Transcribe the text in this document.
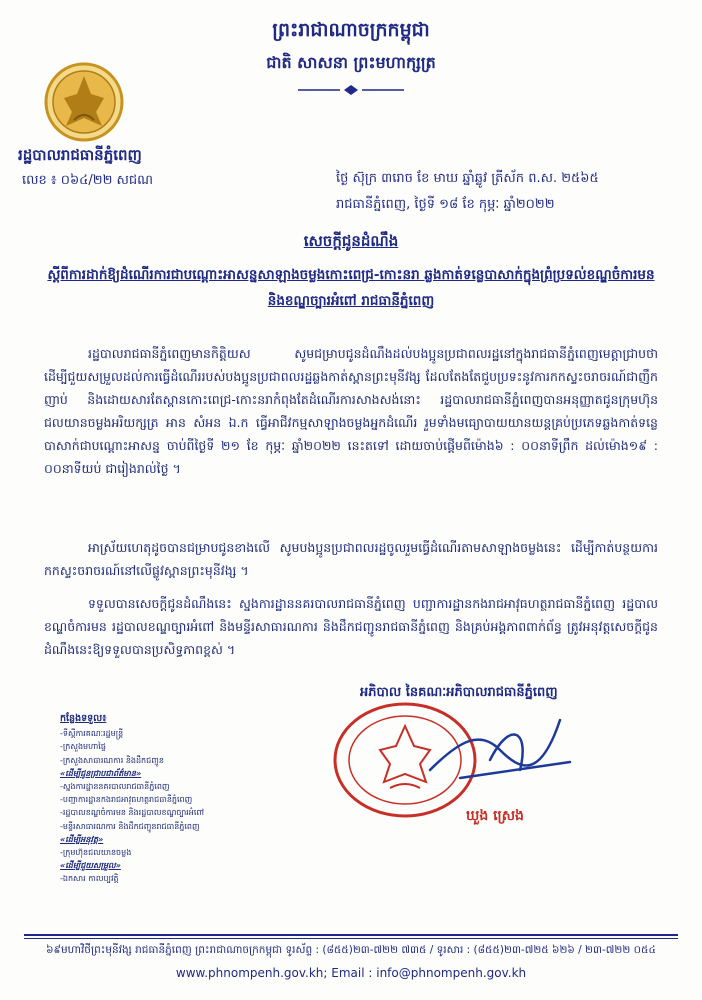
ព្រះរាជាណាចក្រកម្ពុជា
ជាតិ សាសនា ព្រះមហាក្សត្រ
រដ្ឋបាលរាជធានីភ្នំពេញ
លេខ ៖ ០៦៤/២២ សជណ	ថ្ងៃ ស៊ុក្រ ៣រោច ខែ មាឃ ឆ្នាំឆ្លូវ ត្រីស័ក ព.ស. ២៥៦៥
រាជធានីភ្នំពេញ, ថ្ងៃទី ១៨ ខែ កុម្ភៈ ឆ្នាំ២០២២
សេចក្តីជូនដំណឹង
ស្តីពីការដាក់ឱ្យដំណើរការជាបណ្តោះអាសន្នសាឡាងចម្លងកោះពេជ្រ-កោះនរា ឆ្លងកាត់ទន្លេបាសាក់ក្នុងព្រំប្រទល់ខណ្ឌចំការមន និងខណ្ឌច្បារអំពៅ រាជធានីភ្នំពេញ
រដ្ឋបាលរាជធានីភ្នំពេញមានកិត្តិយស សូមជម្រាបជូនដំណឹងដល់បងប្អូនប្រជាពលរដ្ឋនៅក្នុងរាជធានីភ្នំពេញមេត្តាជ្រាបថា ដើម្បីជួយសម្រួលដល់ការធ្វើដំណើររបស់បងប្អូនប្រជាពលរដ្ឋឆ្លងកាត់ស្ពានព្រះមុនីវង្ស ដែលតែងតែជួបប្រទះនូវការកកស្ទះចរាចរណ៍ជាញឹកញាប់ និងដោយសារតែស្ពានកោះពេជ្រ-កោះនរាកំពុងតែដំណើរការសាងសង់នោះ រដ្ឋបាលរាជធានីភ្នំពេញបានអនុញ្ញាតជូនក្រុមហ៊ុនជលយានចម្លងអរិយក្សត្រ អាន សំអន ឯ.ក ធ្វើអាជីវកម្មសាឡាងចម្លងអ្នកដំណើរ រួមទាំងមធ្យោបាយយានយន្តគ្រប់ប្រភេទឆ្លងកាត់ទន្លេបាសាក់ជាបណ្តោះអាសន្ន ចាប់ពីថ្ងៃទី ២១ ខែ កុម្ភៈ ឆ្នាំ២០២២ នេះតទៅ ដោយចាប់ផ្តើមពីម៉ោង៦ : ០០នាទីព្រឹក ដល់ម៉ោង១៩ : ០០នាទីយប់ ជារៀងរាល់ថ្ងៃ ។
អាស្រ័យហេតុដូចបានជម្រាបជូនខាងលើ សូមបងប្អូនប្រជាពលរដ្ឋចូលរួមធ្វើដំណើរតាមសាឡាងចម្លងនេះ ដើម្បីកាត់បន្ថយការកកស្ទះចរាចរណ៍នៅលើផ្លូវស្ពានព្រះមុនីវង្ស ។
ទទួលបានសេចក្តីជូនដំណឹងនេះ ស្នងការដ្ឋាននគរបាលរាជធានីភ្នំពេញ បញ្ជាការដ្ឋានកងរាជអាវុធហត្ថរាជធានីភ្នំពេញ រដ្ឋបាលខណ្ឌចំការមន រដ្ឋបាលខណ្ឌច្បារអំពៅ និងមន្ទីរសាធារណការ និងដឹកជញ្ជូនរាជធានីភ្នំពេញ និងគ្រប់អង្គភាពពាក់ព័ន្ធ ត្រូវអនុវត្តសេចក្តីជូនដំណឹងនេះឱ្យទទួលបានប្រសិទ្ធភាពខ្ពស់ ។
អភិបាល នៃគណៈអភិបាលរាជធានីភ្នំពេញ
ឃួង ស្រេង
កន្លែងទទួល៖
-ទីស្តីការគណៈរដ្ឋមន្ត្រី
-ក្រសួងមហាផ្ទៃ
-ក្រសួងសាធារណការ និងដឹកជញ្ជូន
«ដើម្បីជូនជ្រាបជាព័ត៌មាន»
-ស្នងការដ្ឋាននគរបាលរាជធានីភ្នំពេញ
-បញ្ជាការដ្ឋានកងរាជអាវុធហត្ថរាជធានីភ្នំពេញ
-រដ្ឋបាលខណ្ឌចំការមន និងរដ្ឋបាលខណ្ឌច្បារអំពៅ
-មន្ទីរសាធារណការ និងដឹកជញ្ជូនរាជធានីភ្នំពេញ
«ដើម្បីអនុវត្ត»
-ក្រុមហ៊ុនជលយានចម្លង
«ដើម្បីជួយសម្រួល»
-ឯកសារ កាលប្បវត្តិ
៦៩មហាវិថីព្រះមុនីវង្ស រាជធានីភ្នំពេញ ព្រះរាជាណាចក្រកម្ពុជា ទូរស័ព្ទ : (៨៥៥)២៣-៧២២ ៧៣៥ / ទូរសារ : (៨៥៥)២៣-៧២៥ ៦២៦ / ២៣-៧២២ ០៥៤
www.phnompenh.gov.kh; Email : info@phnompenh.gov.kh
